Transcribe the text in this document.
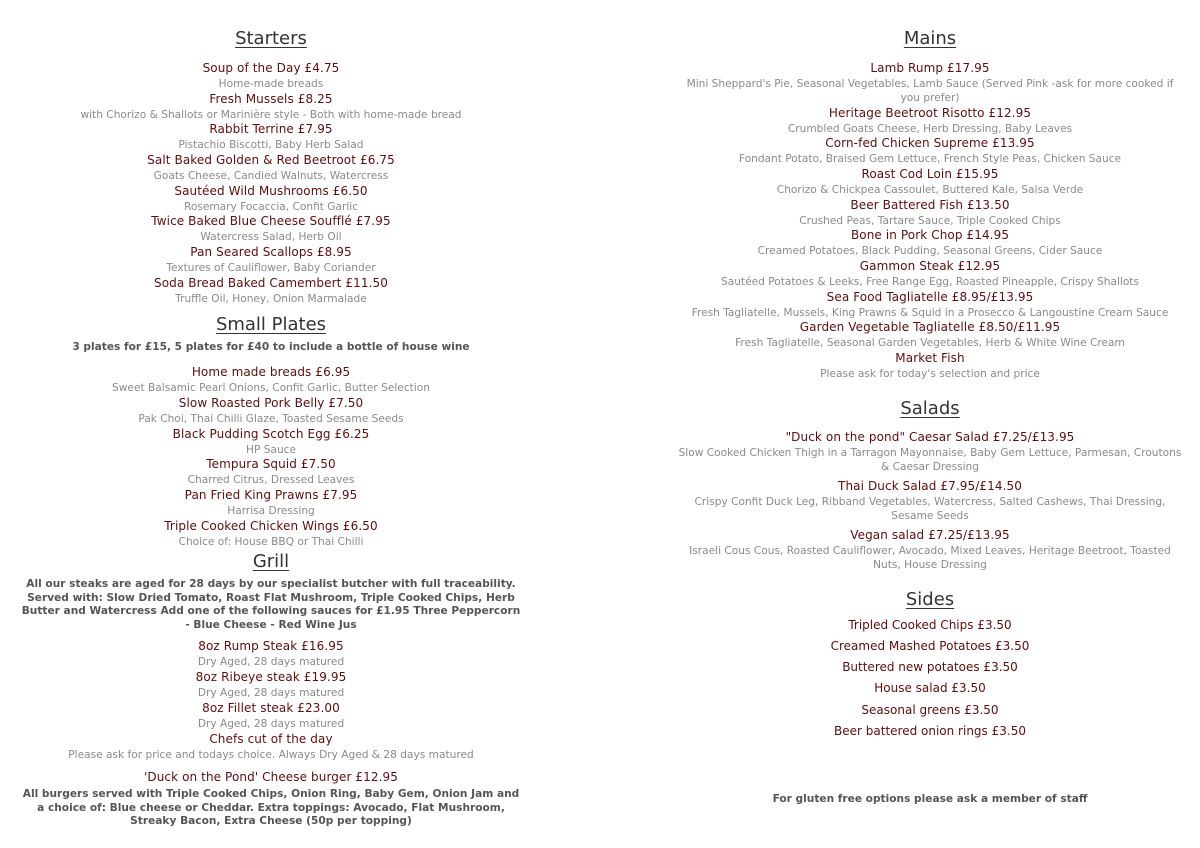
Starters
Soup of the Day £4.75
Home-made breads
Fresh Mussels £8.25
with Chorizo & Shallots or Marinière style - Both with home-made bread
Rabbit Terrine £7.95
Pistachio Biscotti, Baby Herb Salad
Salt Baked Golden & Red Beetroot £6.75
Goats Cheese, Candied Walnuts, Watercress
Sautéed Wild Mushrooms £6.50
Rosemary Focaccia, Confit Garlic
Twice Baked Blue Cheese Soufflé £7.95
Watercress Salad, Herb Oil
Pan Seared Scallops £8.95
Textures of Cauliflower, Baby Coriander
Soda Bread Baked Camembert £11.50
Truffle Oil, Honey, Onion Marmalade
Small Plates
3 plates for £15, 5 plates for £40 to include a bottle of house wine
Home made breads £6.95
Sweet Balsamic Pearl Onions, Confit Garlic, Butter Selection
Slow Roasted Pork Belly £7.50
Pak Choi, Thai Chilli Glaze, Toasted Sesame Seeds
Black Pudding Scotch Egg £6.25
HP Sauce
Tempura Squid £7.50
Charred Citrus, Dressed Leaves
Pan Fried King Prawns £7.95
Harrisa Dressing
Triple Cooked Chicken Wings £6.50
Choice of: House BBQ or Thai Chilli
Grill
All our steaks are aged for 28 days by our specialist butcher with full traceability. Served with: Slow Dried Tomato, Roast Flat Mushroom, Triple Cooked Chips, Herb Butter and Watercress Add one of the following sauces for £1.95 Three Peppercorn - Blue Cheese - Red Wine Jus
8oz Rump Steak £16.95
Dry Aged, 28 days matured
8oz Ribeye steak £19.95
Dry Aged, 28 days matured
8oz Fillet steak £23.00
Dry Aged, 28 days matured
Chefs cut of the day
Please ask for price and todays choice. Always Dry Aged & 28 days matured
'Duck on the Pond' Cheese burger £12.95
All burgers served with Triple Cooked Chips, Onion Ring, Baby Gem, Onion Jam and a choice of: Blue cheese or Cheddar. Extra toppings: Avocado, Flat Mushroom, Streaky Bacon, Extra Cheese (50p per topping)
Mains
Lamb Rump £17.95
Mini Sheppard's Pie, Seasonal Vegetables, Lamb Sauce (Served Pink -ask for more cooked if you prefer)
Heritage Beetroot Risotto £12.95
Crumbled Goats Cheese, Herb Dressing, Baby Leaves
Corn-fed Chicken Supreme £13.95
Fondant Potato, Braised Gem Lettuce, French Style Peas, Chicken Sauce
Roast Cod Loin £15.95
Chorizo & Chickpea Cassoulet, Buttered Kale, Salsa Verde
Beer Battered Fish £13.50
Crushed Peas, Tartare Sauce, Triple Cooked Chips
Bone in Pork Chop £14.95
Creamed Potatoes, Black Pudding, Seasonal Greens, Cider Sauce
Gammon Steak £12.95
Sautéed Potatoes & Leeks, Free Range Egg, Roasted Pineapple, Crispy Shallots
Sea Food Tagliatelle £8.95/£13.95
Fresh Tagliatelle, Mussels, King Prawns & Squid in a Prosecco & Langoustine Cream Sauce
Garden Vegetable Tagliatelle £8.50/£11.95
Fresh Tagliatelle, Seasonal Garden Vegetables, Herb & White Wine Cream
Market Fish
Please ask for today's selection and price
Salads
"Duck on the pond" Caesar Salad £7.25/£13.95
Slow Cooked Chicken Thigh in a Tarragon Mayonnaise, Baby Gem Lettuce, Parmesan, Croutons & Caesar Dressing
Thai Duck Salad £7.95/£14.50
Crispy Confit Duck Leg, Ribband Vegetables, Watercress, Salted Cashews, Thai Dressing, Sesame Seeds
Vegan salad £7.25/£13.95
Israeli Cous Cous, Roasted Cauliflower, Avocado, Mixed Leaves, Heritage Beetroot, Toasted Nuts, House Dressing
Sides
Tripled Cooked Chips £3.50
Creamed Mashed Potatoes £3.50
Buttered new potatoes £3.50
House salad £3.50
Seasonal greens £3.50
Beer battered onion rings £3.50
For gluten free options please ask a member of staff
